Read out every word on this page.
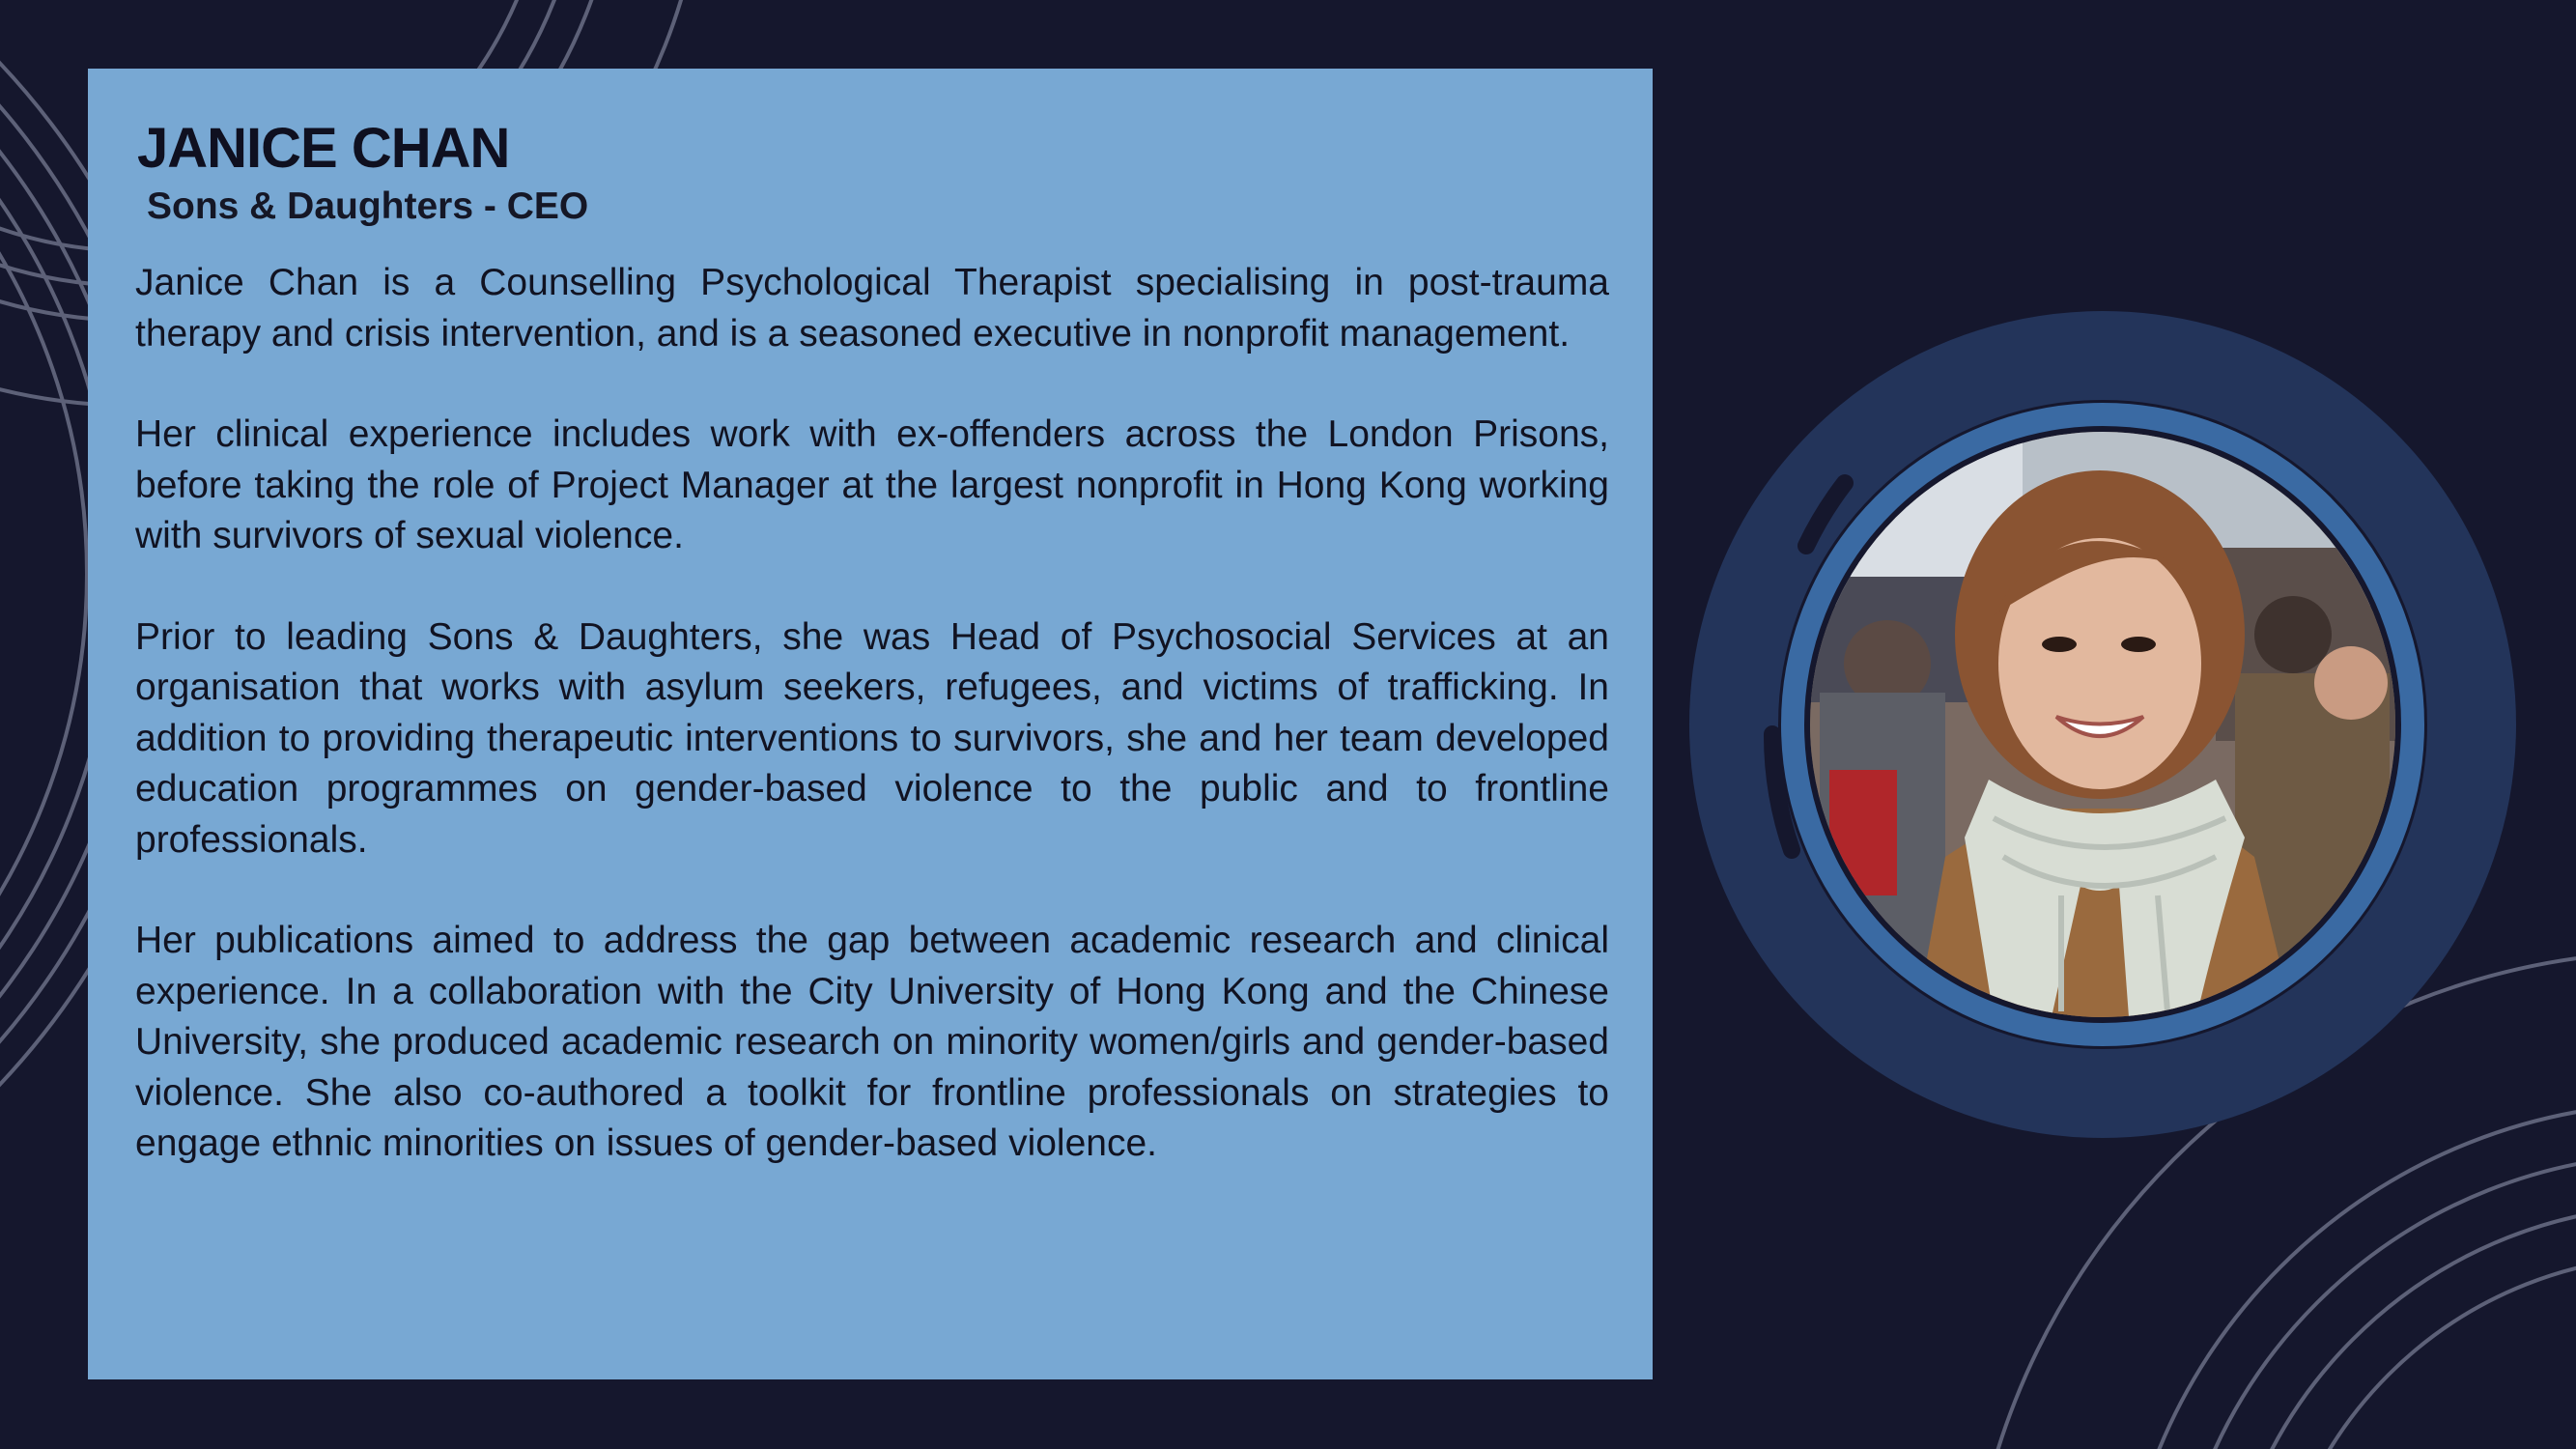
JANICE CHAN
Sons & Daughters - CEO

Janice Chan is a Counselling Psychological Therapist specialising in post-trauma therapy and crisis intervention, and is a seasoned executive in nonprofit management.

Her clinical experience includes work with ex-offenders across the London Prisons, before taking the role of Project Manager at the largest nonprofit in Hong Kong working with survivors of sexual violence.

Prior to leading Sons & Daughters, she was Head of Psychosocial Services at an organisation that works with asylum seekers, refugees, and victims of trafficking. In addition to providing therapeutic interventions to survivors, she and her team developed education programmes on gender-based violence to the public and to frontline professionals.

Her publications aimed to address the gap between academic research and clinical experience. In a collaboration with the City University of Hong Kong and the Chinese University, she produced academic research on minority women/girls and gender-based violence. She also co-authored a toolkit for frontline professionals on strategies to engage ethnic minorities on issues of gender-based violence.
